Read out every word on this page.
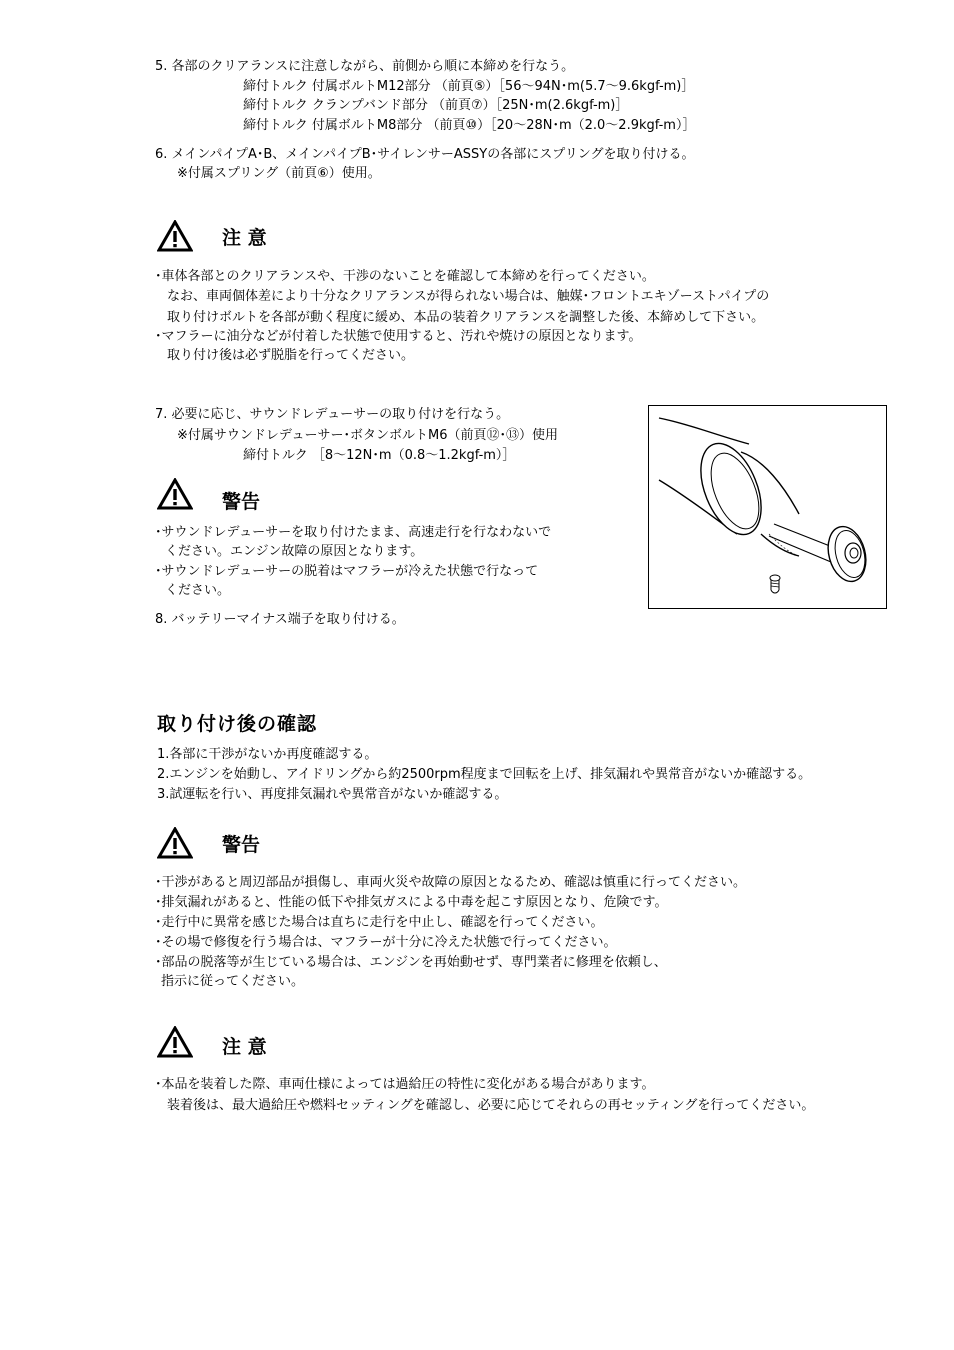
5. 各部のクリアランスに注意しながら、前側から順に本締めを行なう。
締付トルク 付属ボルトM12部分 （前頁⑤）［56～94N･m(5.7～9.6kgf-m)］
締付トルク クランプバンド部分 （前頁⑦）［25N･m(2.6kgf-m)］
締付トルク 付属ボルトM8部分 （前頁⑩）［20～28N･m（2.0～2.9kgf-m）］
6. メインパイプA･B、メインパイプB･サイレンサーASSYの各部にスプリングを取り付ける。
※付属スプリング（前頁⑥）使用。
注 意
･車体各部とのクリアランスや、干渉のないことを確認して本締めを行ってください。
なお、車両個体差により十分なクリアランスが得られない場合は、触媒･フロントエキゾーストパイプの
取り付けボルトを各部が動く程度に緩め、本品の装着クリアランスを調整した後、本締めして下さい。
･マフラーに油分などが付着した状態で使用すると、汚れや焼けの原因となります。
取り付け後は必ず脱脂を行ってください。
7. 必要に応じ、サウンドレデューサーの取り付けを行なう。
※付属サウンドレデューサー･ボタンボルトM6（前頁⑫･⑬）使用
締付トルク ［8～12N･m（0.8～1.2kgf-m）］
警告
･サウンドレデューサーを取り付けたまま、高速走行を行なわないで
ください。エンジン故障の原因となります。
･サウンドレデューサーの脱着はマフラーが冷えた状態で行なって
ください。
8. バッテリーマイナス端子を取り付ける。
取り付け後の確認
1.各部に干渉がないか再度確認する。
2.エンジンを始動し、アイドリングから約2500rpm程度まで回転を上げ、排気漏れや異常音がないか確認する。
3.試運転を行い、再度排気漏れや異常音がないか確認する。
警告
･干渉があると周辺部品が損傷し、車両火災や故障の原因となるため、確認は慎重に行ってください。
･排気漏れがあると、性能の低下や排気ガスによる中毒を起こす原因となり、危険です。
･走行中に異常を感じた場合は直ちに走行を中止し、確認を行ってください。
･その場で修復を行う場合は、マフラーが十分に冷えた状態で行ってください。
･部品の脱落等が生じている場合は、エンジンを再始動せず、専門業者に修理を依頼し、
指示に従ってください。
注 意
･本品を装着した際、車両仕様によっては過給圧の特性に変化がある場合があります。
装着後は、最大過給圧や燃料セッティングを確認し、必要に応じてそれらの再セッティングを行ってください。
